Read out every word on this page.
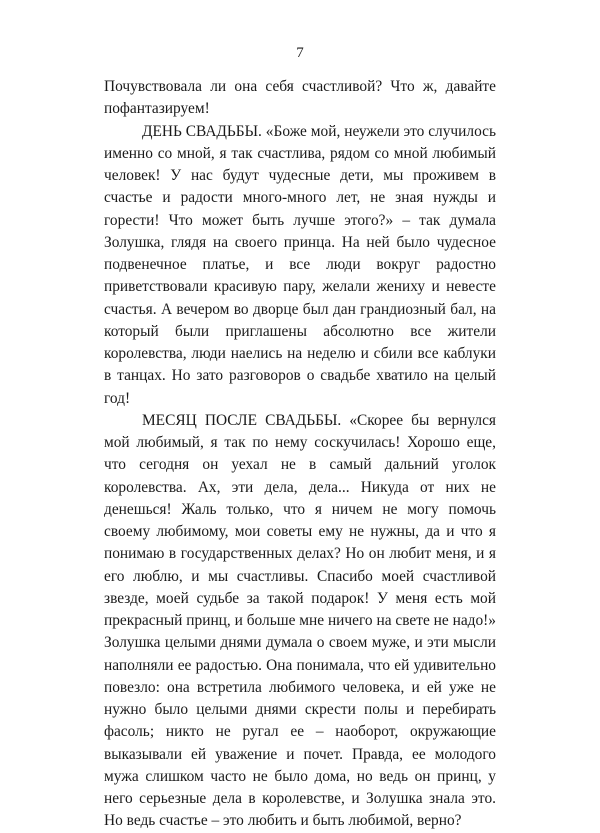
7
Почувствовала ли она себя счастливой? Что ж, давайте
пофантазируем!
ДЕНЬ СВАДЬБЫ. «Боже мой, неужели это случилось
именно со мной, я так счастлива, рядом со мной любимый
человек! У нас будут чудесные дети, мы проживем в
счастье и радости много-много лет, не зная нужды и
горести! Что может быть лучше этого?» – так думала
Золушка, глядя на своего принца. На ней было чудесное
подвенечное платье, и все люди вокруг радостно
приветствовали красивую пару, желали жениху и невесте
счастья. А вечером во дворце был дан грандиозный бал, на
который были приглашены абсолютно все жители
королевства, люди наелись на неделю и сбили все каблуки
в танцах. Но зато разговоров о свадьбе хватило на целый
год!
МЕСЯЦ ПОСЛЕ СВАДЬБЫ. «Скорее бы вернулся
мой любимый, я так по нему соскучилась! Хорошо еще,
что сегодня он уехал не в самый дальний уголок
королевства. Ах, эти дела, дела... Никуда от них не
денешься! Жаль только, что я ничем не могу помочь
своему любимому, мои советы ему не нужны, да и что я
понимаю в государственных делах? Но он любит меня, и я
его люблю, и мы счастливы. Спасибо моей счастливой
звезде, моей судьбе за такой подарок! У меня есть мой
прекрасный принц, и больше мне ничего на свете не надо!»
Золушка целыми днями думала о своем муже, и эти мысли
наполняли ее радостью. Она понимала, что ей удивительно
повезло: она встретила любимого человека, и ей уже не
нужно было целыми днями скрести полы и перебирать
фасоль; никто не ругал ее – наоборот, окружающие
выказывали ей уважение и почет. Правда, ее молодого
мужа слишком часто не было дома, но ведь он принц, у
него серьезные дела в королевстве, и Золушка знала это.
Но ведь счастье – это любить и быть любимой, верно?
